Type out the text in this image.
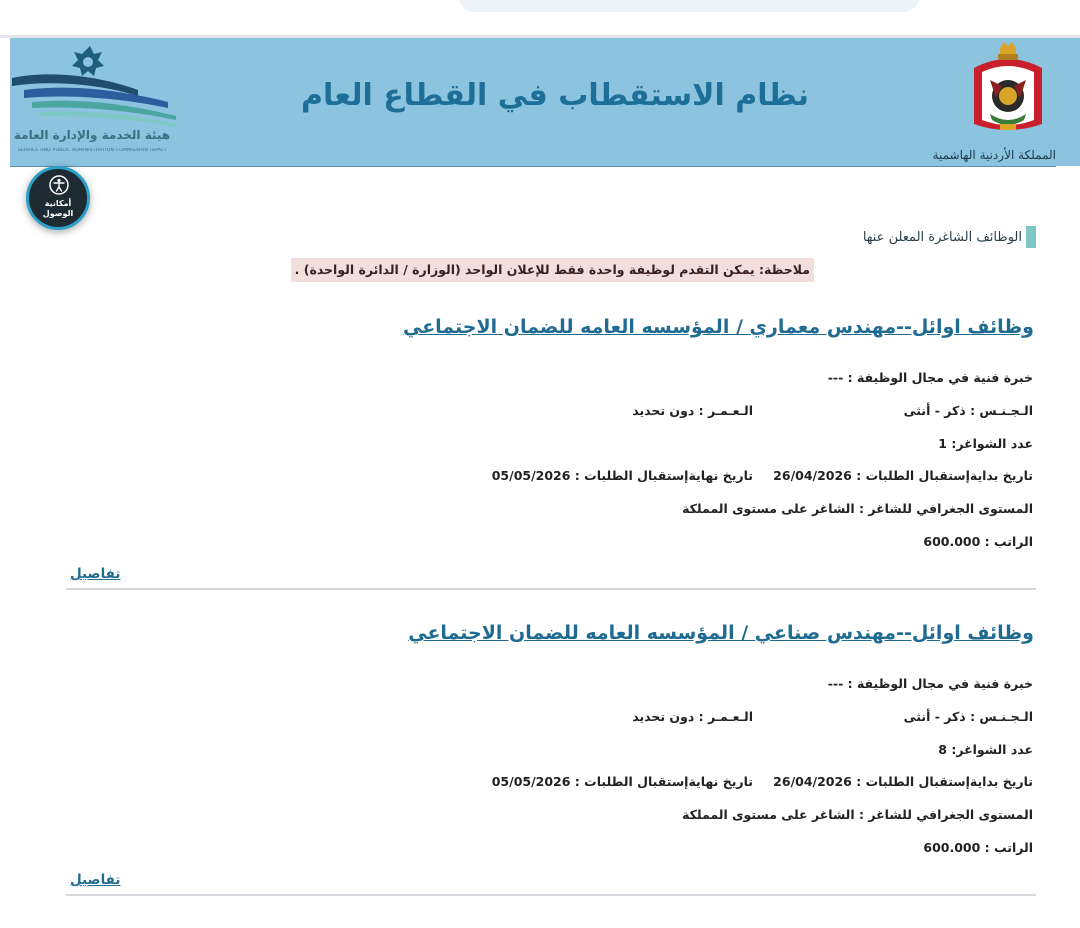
هيئة الخدمة والإدارة العامة
SERVICE AND PUBLIC ADMINISTRATION COMMISSION (SPAC)
نظام الاستقطاب في القطاع العام
المملكة الأردنية الهاشمية
أمكانية
الوصول
الوظائف الشاغرة المعلن عنها
ملاحظة: يمكن التقدم لوظيفة واحدة فقط للإعلان الواحد (الوزارة / الدائرة الواحدة) .
وظائف اوائل--مهندس معماري / المؤسسه العامه للضمان الاجتماعي
خبرة فنية في مجال الوظيفة : ---
الـجـنـس : ذكر - أنثى
الـعـمـر : دون تحديد
عدد الشواغر: 1
تاريخ بدايةإستقبال الطلبات : 26/04/2026
تاريخ نهايةإستقبال الطلبات : 05/05/2026
المستوى الجغرافي للشاغر : الشاغر على مستوى المملكة
الراتب : 600.000
تفاصيل
وظائف اوائل--مهندس صناعي / المؤسسه العامه للضمان الاجتماعي
خبرة فنية في مجال الوظيفة : ---
الـجـنـس : ذكر - أنثى
الـعـمـر : دون تحديد
عدد الشواغر: 8
تاريخ بدايةإستقبال الطلبات : 26/04/2026
تاريخ نهايةإستقبال الطلبات : 05/05/2026
المستوى الجغرافي للشاغر : الشاغر على مستوى المملكة
الراتب : 600.000
تفاصيل
